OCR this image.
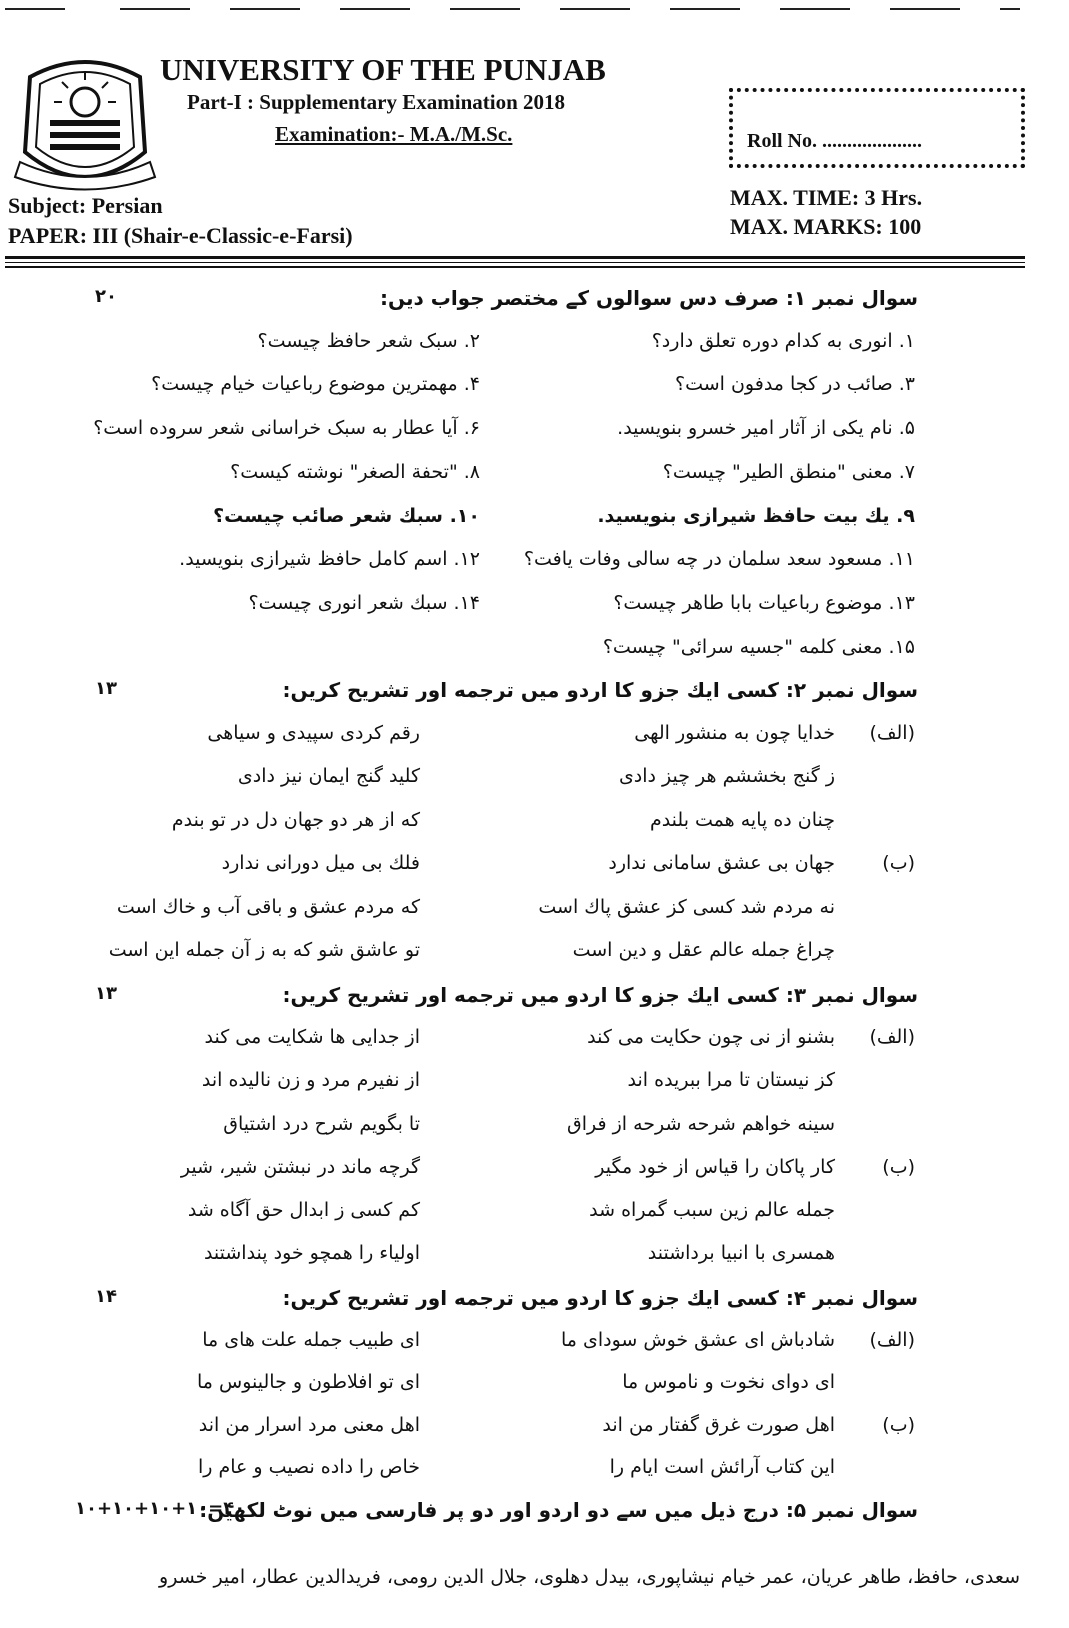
UNIVERSITY OF THE PUNJAB
Part-I : Supplementary Examination 2018
Examination:- M.A./M.Sc.	Roll No. ....................
Subject: Persian
PAPER: III (Shair-e-Classic-e-Farsi)
MAX. TIME: 3 Hrs.
MAX. MARKS: 100
سوال نمبر ۱: صرف دس سوالوں کے مختصر جواب دیں:
۲۰
۱. انوری به کدام دوره تعلق دارد؟
۲. سبک شعر حافظ چیست؟
۳. صائب در کجا مدفون است؟
۴. مهمترین موضوع رباعیات خیام چیست؟
۵. نام یکی از آثار امیر خسرو بنویسید.
۶. آیا عطار به سبک خراسانی شعر سروده است؟
۷. معنی "منطق الطیر" چیست؟
۸. "تحفة الصغر" نوشته کیست؟
۹. یك بیت حافظ شیرازی بنویسید.
۱۰. سبك شعر صائب چیست؟
۱۱. مسعود سعد سلمان در چه سالی وفات یافت؟
۱۲. اسم کامل حافظ شیرازی بنویسید.
۱۳. موضوع رباعیات بابا طاهر چیست؟
۱۴. سبك شعر انوری چیست؟
۱۵. معنی کلمه "جسیه سرائی" چیست؟
سوال نمبر ۲: کسی ایك جزو کا اردو میں ترجمه اور تشریح کریں:
۱۳
(الف)
خدایا چون به منشور الهی
رقم کردی سپیدی و سیاهی
ز گنج بخششم هر چیز دادی
کلید گنج ایمان نیز دادی
چنان ده پایه همت بلندم
که از هر دو جهان دل در تو بندم
(ب)
جهان بی عشق سامانی ندارد
فلك بی میل دورانی ندارد
نه مردم شد کسی کز عشق پاك است
که مردم عشق و باقی آب و خاك است
چراغ جمله عالم عقل و دین است
تو عاشق شو که به ز آن جمله این است
سوال نمبر ۳: کسی ایك جزو کا اردو میں ترجمه اور تشریح کریں:
۱۳
(الف)
بشنو از نی چون حکایت می کند
از جدایی ها شکایت می کند
کز نیستان تا مرا ببریده اند
از نفیرم مرد و زن نالیده اند
سینه خواهم شرحه شرحه از فراق
تا بگویم شرح درد اشتیاق
(ب)
کار پاکان را قیاس از خود مگیر
گرچه ماند در نبشتن شیر، شیر
جمله عالم زین سبب گمراه شد
کم کسی ز ابدال حق آگاه شد
همسری با انبیا برداشتند
اولیاء را همچو خود پنداشتند
سوال نمبر ۴: کسی ایك جزو کا اردو میں ترجمه اور تشریح کریں:
۱۴
(الف)
شادباش ای عشق خوش سودای ما
ای طبیب جمله علت های ما
ای دوای نخوت و ناموس ما
ای تو افلاطون و جالینوس ما
(ب)
اهل صورت غرق گفتار من اند
اهل معنی مرد اسرار من اند
این کتاب آرائش است ایام را
خاص را داده نصیب و عام را
سوال نمبر ۵: درج ذیل میں سے دو اردو اور دو پر فارسی میں نوٹ لکھیں:
۱۰+۱۰+۱۰+۱۰=۴۰
سعدی، حافظ، طاهر عریان، عمر خیام نیشاپوری، بیدل دهلوی، جلال الدین رومی، فریدالدین عطار، امیر خسرو
